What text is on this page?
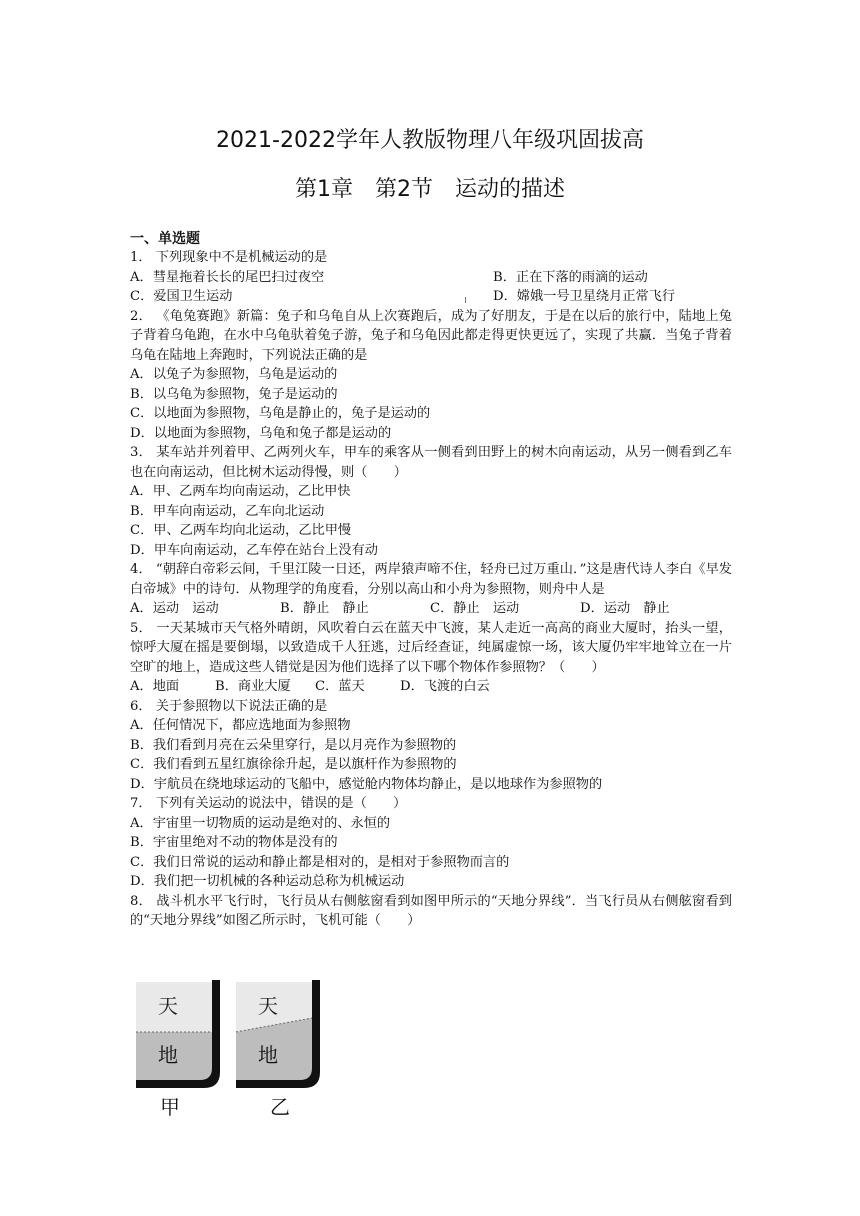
2021-2022学年人教版物理八年级巩固拔高
第1章　第2节　运动的描述
一、单选题
1． 下列现象中不是机械运动的是
A．彗星拖着长长的尾巴扫过夜空	B．正在下落的雨滴的运动
C．爱国卫生运动	D．嫦娥一号卫星绕月正常飞行
2． 《龟兔赛跑》新篇：兔子和乌龟自从上次赛跑后，成为了好朋友，于是在以后的旅行中，陆地上兔子背着乌龟跑，在水中乌龟驮着兔子游，兔子和乌龟因此都走得更快更远了，实现了共赢．当兔子背着乌龟在陆地上奔跑时，下列说法正确的是
A．以兔子为参照物，乌龟是运动的
B．以乌龟为参照物，兔子是运动的
C．以地面为参照物，乌龟是静止的，兔子是运动的
D．以地面为参照物，乌龟和兔子都是运动的
3． 某车站并列着甲、乙两列火车，甲车的乘客从一侧看到田野上的树木向南运动，从另一侧看到乙车也在向南运动，但比树木运动得慢，则（　　）
A．甲、乙两车均向南运动，乙比甲快
B．甲车向南运动，乙车向北运动
C．甲、乙两车均向北运动，乙比甲慢
D．甲车向南运动，乙车停在站台上没有动
4． “朝辞白帝彩云间，千里江陵一日还，两岸猿声啼不住，轻舟已过万重山．”这是唐代诗人李白《早发白帝城》中的诗句．从物理学的角度看，分别以高山和小舟为参照物，则舟中人是
A．运动　运动	B．静止　静止	C．静止　运动	D．运动　静止
5． 一天某城市天气格外晴朗，风吹着白云在蓝天中飞渡，某人走近一高高的商业大厦时，抬头一望，惊呼大厦在摇是要倒塌，以致造成千人狂逃，过后经查证，纯属虚惊一场，该大厦仍牢牢地耸立在一片空旷的地上，造成这些人错觉是因为他们选择了以下哪个物体作参照物？（　　）
A．地面	B．商业大厦 C．蓝天	D．飞渡的白云
6． 关于参照物以下说法正确的是
A．任何情况下，都应选地面为参照物
B．我们看到月亮在云朵里穿行，是以月亮作为参照物的
C．我们看到五星红旗徐徐升起，是以旗杆作为参照物的
D．宇航员在绕地球运动的飞船中，感觉舱内物体均静止，是以地球作为参照物的
7． 下列有关运动的说法中，错误的是（　　）
A．宇宙里一切物质的运动是绝对的、永恒的
B．宇宙里绝对不动的物体是没有的
C．我们日常说的运动和静止都是相对的，是相对于参照物而言的
D．我们把一切机械的各种运动总称为机械运动
8． 战斗机水平飞行时，飞行员从右侧舷窗看到如图甲所示的“天地分界线”．当飞行员从右侧舷窗看到的“天地分界线”如图乙所示时，飞机可能（　　）
天
地
甲
天
地
乙
